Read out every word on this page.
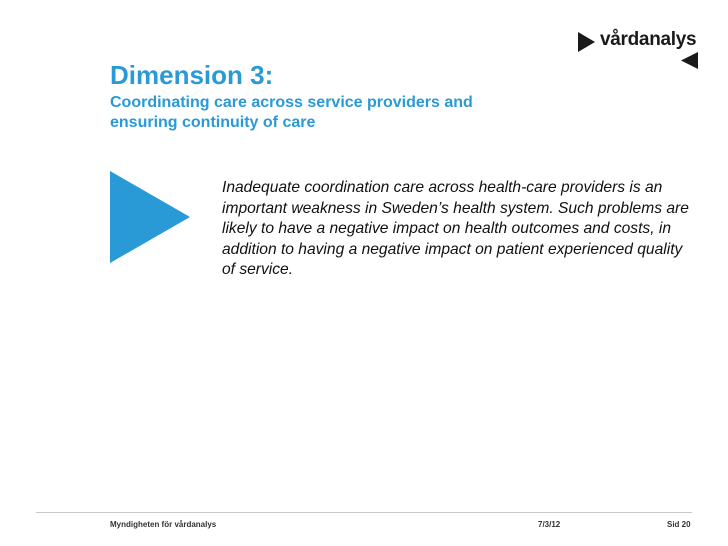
vårdanalys
Dimension 3:
Coordinating care across service providers and ensuring continuity of care

Inadequate coordination care across health-care providers is an important weakness in Sweden’s health system. Such problems are likely to have a negative impact on health outcomes and costs, in addition to having a negative impact on patient experienced quality of service.

Myndigheten för vårdanalys	7/3/12	Sid 20
